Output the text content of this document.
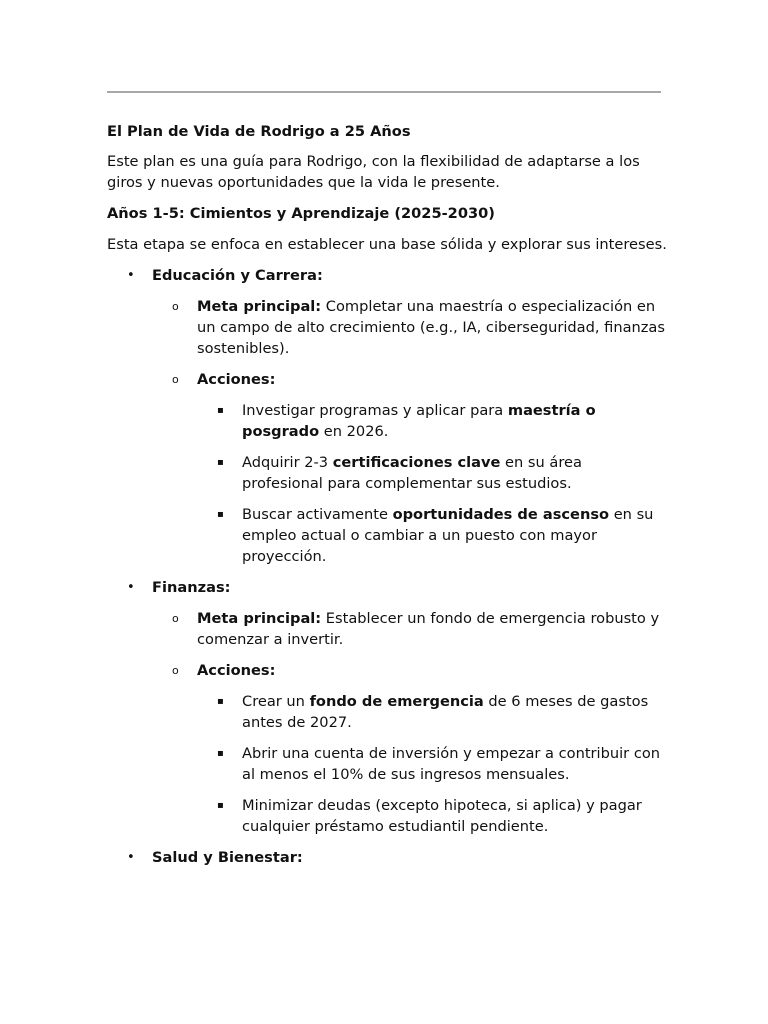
El Plan de Vida de Rodrigo a 25 Años
Este plan es una guía para Rodrigo, con la flexibilidad de adaptarse a los giros y nuevas oportunidades que la vida le presente.
Años 1-5: Cimientos y Aprendizaje (2025-2030)
Esta etapa se enfoca en establecer una base sólida y explorar sus intereses.
•	Educación y Carrera:
o	Meta principal: Completar una maestría o especialización en un campo de alto crecimiento (e.g., IA, ciberseguridad, finanzas sostenibles).
o	Acciones:
▪	Investigar programas y aplicar para maestría o posgrado en 2026.
▪	Adquirir 2-3 certificaciones clave en su área profesional para complementar sus estudios.
▪	Buscar activamente oportunidades de ascenso en su empleo actual o cambiar a un puesto con mayor proyección.
•	Finanzas:
o	Meta principal: Establecer un fondo de emergencia robusto y comenzar a invertir.
o	Acciones:
▪	Crear un fondo de emergencia de 6 meses de gastos antes de 2027.
▪	Abrir una cuenta de inversión y empezar a contribuir con al menos el 10% de sus ingresos mensuales.
▪	Minimizar deudas (excepto hipoteca, si aplica) y pagar cualquier préstamo estudiantil pendiente.
•	Salud y Bienestar:
